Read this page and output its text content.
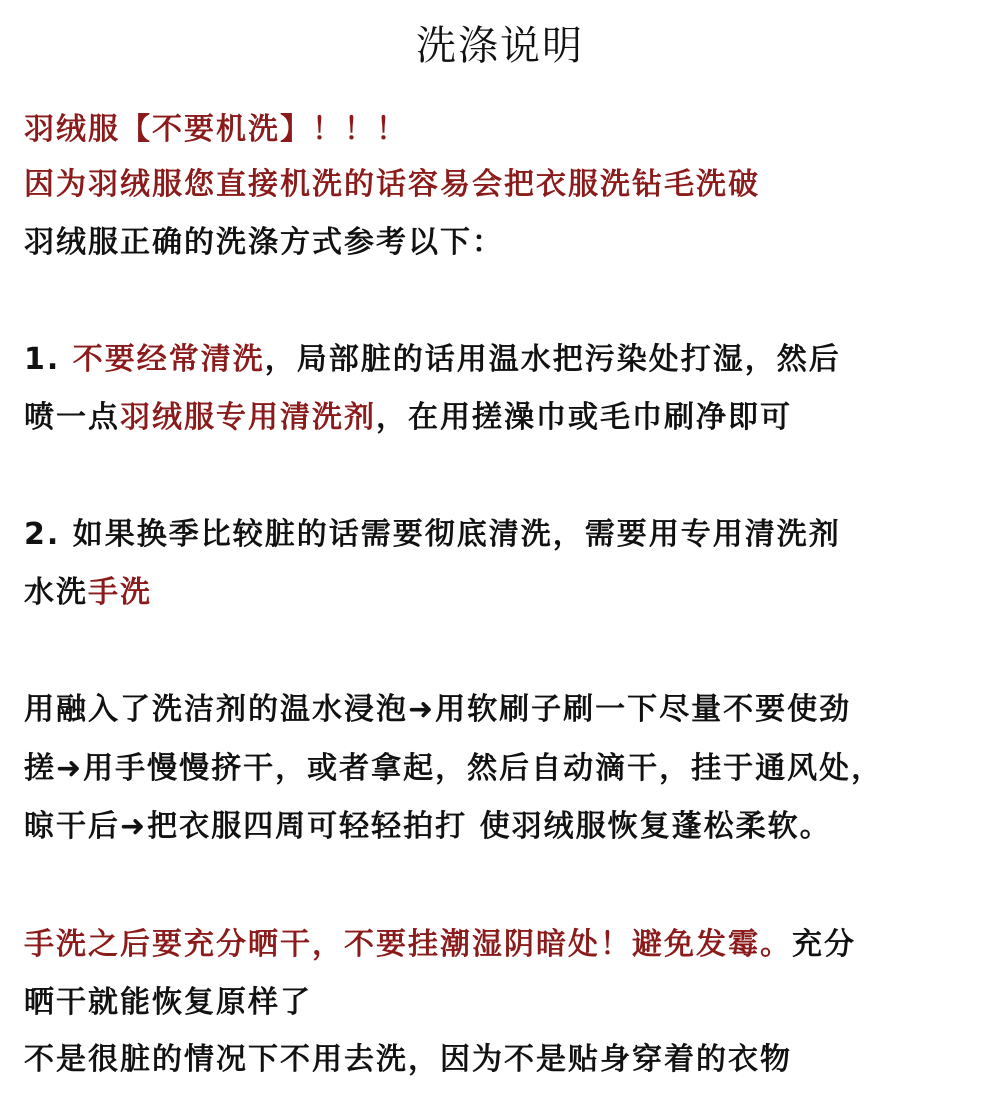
洗涤说明
羽绒服【不要机洗】！！！
因为羽绒服您直接机洗的话容易会把衣服洗钻毛洗破
羽绒服正确的洗涤方式参考以下：
1. 不要经常清洗，局部脏的话用温水把污染处打湿，然后
喷一点羽绒服专用清洗剂，在用搓澡巾或毛巾刷净即可
2. 如果换季比较脏的话需要彻底清洗，需要用专用清洗剂
水洗手洗
用融入了洗洁剂的温水浸泡➜用软刷子刷一下尽量不要使劲
搓➜用手慢慢挤干，或者拿起，然后自动滴干，挂于通风处，
晾干后➜把衣服四周可轻轻拍打 使羽绒服恢复蓬松柔软。
手洗之后要充分晒干，不要挂潮湿阴暗处！避免发霉。充分
晒干就能恢复原样了
不是很脏的情况下不用去洗，因为不是贴身穿着的衣物
